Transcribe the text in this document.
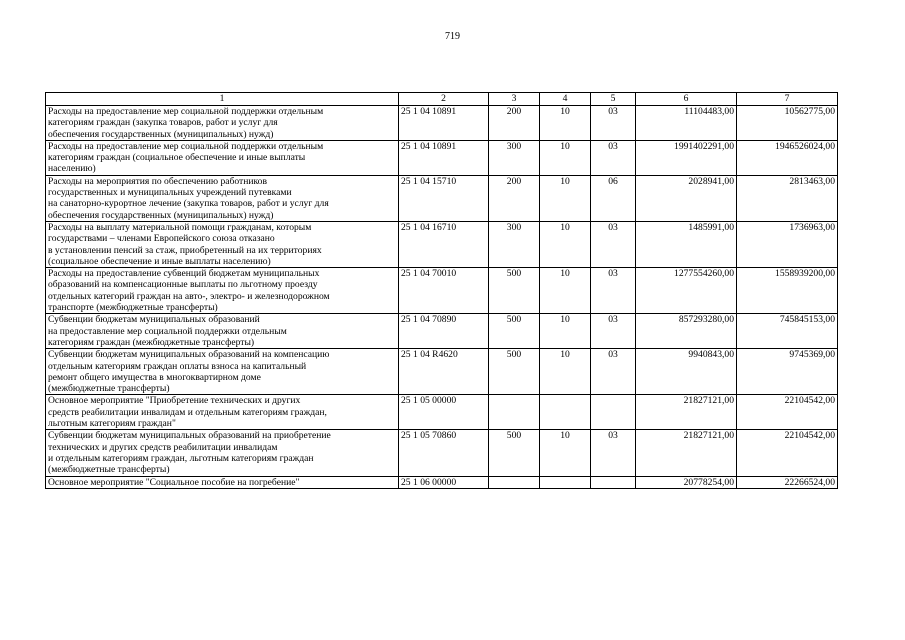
719
1	2	3	4	5	6	7

Расходы на предоставление мер социальной поддержки отдельным
категориям граждан (закупка товаров, работ и услуг для
обеспечения государственных (муниципальных) нужд)	25 1 04 10891	200	10	03	11104483,00	10562775,00

Расходы на предоставление мер социальной поддержки отдельным
категориям граждан (социальное обеспечение и иные выплаты
населению)	25 1 04 10891	300	10	03	1991402291,00	1946526024,00

Расходы на мероприятия по обеспечению работников
государственных и муниципальных учреждений путевками
на санаторно-курортное лечение (закупка товаров, работ и услуг для
обеспечения государственных (муниципальных) нужд)	25 1 04 15710	200	10	06	2028941,00	2813463,00

Расходы на выплату материальной помощи гражданам, которым
государствами – членами Европейского союза отказано
в установлении пенсий за стаж, приобретенный на их территориях
(социальное обеспечение и иные выплаты населению)	25 1 04 16710	300	10	03	1485991,00	1736963,00

Расходы на предоставление субвенций бюджетам муниципальных
образований на компенсационные выплаты по льготному проезду
отдельных категорий граждан на авто-, электро- и железнодорожном
транспорте (межбюджетные трансферты)	25 1 04 70010	500	10	03	1277554260,00	1558939200,00

Субвенции бюджетам муниципальных образований
на предоставление мер социальной поддержки отдельным
категориям граждан (межбюджетные трансферты)	25 1 04 70890	500	10	03	857293280,00	745845153,00

Субвенции бюджетам муниципальных образований на компенсацию
отдельным категориям граждан оплаты взноса на капитальный
ремонт общего имущества в многоквартирном доме
(межбюджетные трансферты)	25 1 04 R4620	500	10	03	9940843,00	9745369,00

Основное мероприятие "Приобретение технических и других
средств реабилитации инвалидам и отдельным категориям граждан,
льготным категориям граждан"	25 1 05 00000				21827121,00	22104542,00

Субвенции бюджетам муниципальных образований на приобретение
технических и других средств реабилитации инвалидам
и отдельным категориям граждан, льготным категориям граждан
(межбюджетные трансферты)	25 1 05 70860	500	10	03	21827121,00	22104542,00

Основное мероприятие "Социальное пособие на погребение"	25 1 06 00000				20778254,00	22266524,00
